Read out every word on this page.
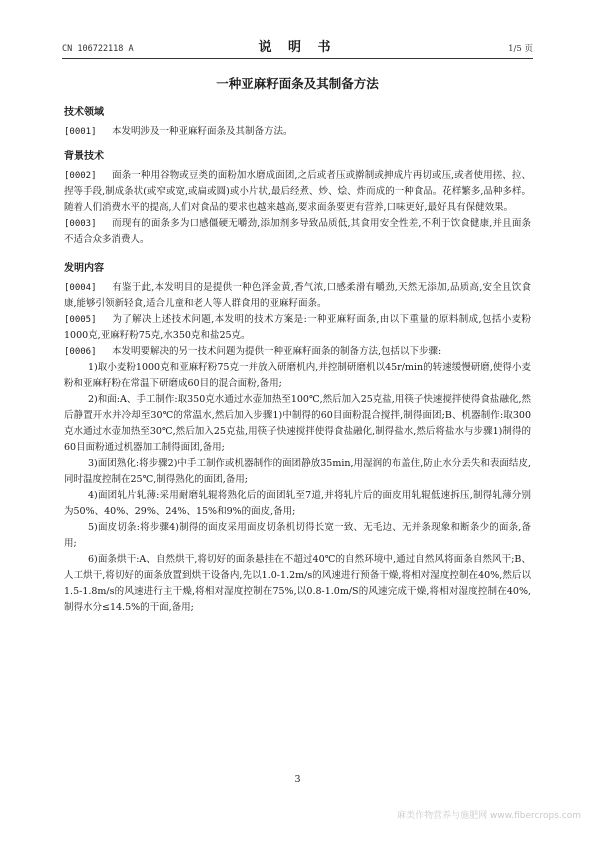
CN 106722118 A	说 明 书	1/5 页
一种亚麻籽面条及其制备方法
技术领域

[0001] 本发明涉及一种亚麻籽面条及其制备方法。

背景技术

[0002] 面条一种用谷物或豆类的面粉加水磨成面团,之后或者压或擀制或抻成片再切或压,或者使用搓、拉、捏等手段,制成条状(或窄或宽,或扁或圆)或小片状,最后经煮、炒、烩、炸而成的一种食品。花样繁多,品种多样。随着人们消费水平的提高,人们对食品的要求也越来越高,要求面条要更有营养,口味更好,最好具有保健效果。

[0003] 而现有的面条多为口感僵硬无嚼劲,添加剂多导致品质低,其食用安全性差,不利于饮食健康,并且面条不适合众多消费人。

发明内容

[0004] 有鉴于此,本发明目的是提供一种色泽金黄,香气浓,口感柔滑有嚼劲,天然无添加,品质高,安全且饮食康,能够引领新轻食,适合儿童和老人等人群食用的亚麻籽面条。

[0005] 为了解决上述技术问题,本发明的技术方案是:一种亚麻籽面条,由以下重量的原料制成,包括小麦粉1000克,亚麻籽粉75克,水350克和盐25克。

[0006] 本发明要解决的另一技术问题为提供一种亚麻籽面条的制备方法,包括以下步骤:

1)取小麦粉1000克和亚麻籽粉75克一并放入研磨机内,并控制研磨机以45r/min的转速缓慢研磨,使得小麦粉和亚麻籽粉在常温下研磨成60目的混合面粉,备用;

2)和面:A、手工制作:取350克水通过水壶加热至100℃,然后加入25克盐,用筷子快速搅拌使得食盐融化,然后静置开水并冷却至30℃的常温水,然后加入步骤1)中制得的60目面粉混合搅拌,制得面团;B、机器制作:取300克水通过水壶加热至30℃,然后加入25克盐,用筷子快速搅拌使得食盐融化,制得盐水,然后将盐水与步骤1)制得的60目面粉通过机器加工制得面团,备用;

3)面团熟化:将步骤2)中手工制作或机器制作的面团静放35min,用湿润的布盖住,防止水分丢失和表面结皮,同时温度控制在25℃,制得熟化的面团,备用;

4)面团轧片轧薄:采用耐磨轧辊将熟化后的面团轧至7道,并将轧片后的面皮用轧辊低速拆压,制得轧薄分别为50%、40%、29%、24%、15%和9%的面皮,备用;

5)面皮切条:将步骤4)制得的面皮采用面皮切条机切得长宽一致、无毛边、无并条现象和断条少的面条,备用;

6)面条烘干:A、自然烘干,将切好的面条悬挂在不超过40℃的自然环境中,通过自然风将面条自然风干;B、人工烘干,将切好的面条放置到烘干设备内,先以1.0-1.2m/s的风速进行预备干燥,将相对湿度控制在40%,然后以1.5-1.8m/s的风速进行主干燥,将相对湿度控制在75%,以0.8-1.0m/S的风速完成干燥,将相对湿度控制在40%,制得水分≤14.5%的干面,备用;

3
麻类作物营养与施肥网 www.fibercrops.com
